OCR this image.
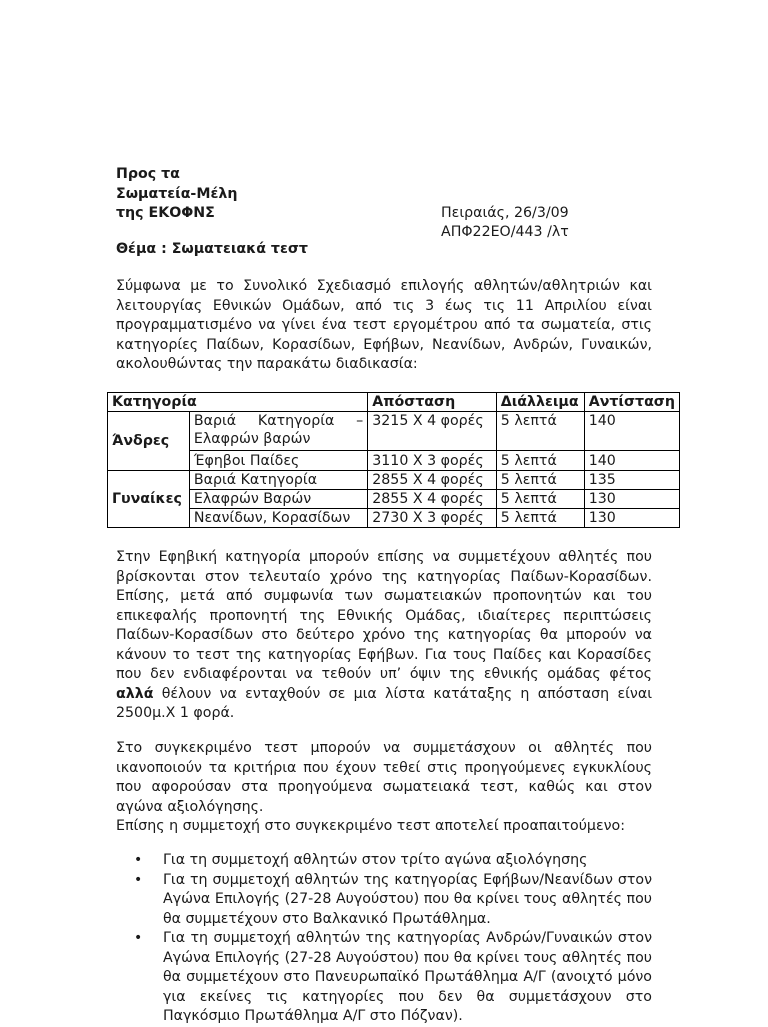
Προς τα
Σωματεία-Μέλη
της ΕΚΟΦΝΣ	Πειραιάς, 26/3/09
ΑΠΦ22ΕΟ/443 /λτ
Θέμα : Σωματειακά τεστ

Σύμφωνα με το Συνολικό Σχεδιασμό επιλογής αθλητών/αθλητριών και λειτουργίας Εθνικών Ομάδων, από τις 3 έως τις 11 Απριλίου είναι προγραμματισμένο να γίνει ένα τεστ εργομέτρου από τα σωματεία, στις κατηγορίες Παίδων, Κορασίδων, Εφήβων, Νεανίδων, Ανδρών, Γυναικών, ακολουθώντας την παρακάτω διαδικασία:

Κατηγορία		Απόσταση	Διάλλειμα	Αντίσταση
Άνδρες	Βαριά Κατηγορία – Ελαφρών βαρών	3215 Χ 4 φορές	5 λεπτά	140
	Έφηβοι Παίδες	3110 Χ 3 φορές	5 λεπτά	140
Γυναίκες	Βαριά Κατηγορία	2855 Χ 4 φορές	5 λεπτά	135
	Ελαφρών Βαρών	2855 Χ 4 φορές	5 λεπτά	130
	Νεανίδων, Κορασίδων	2730 Χ 3 φορές	5 λεπτά	130

Στην Εφηβική κατηγορία μπορούν επίσης να συμμετέχουν αθλητές που βρίσκονται στον τελευταίο χρόνο της κατηγορίας Παίδων-Κορασίδων. Επίσης, μετά από συμφωνία των σωματειακών προπονητών και του επικεφαλής προπονητή της Εθνικής Ομάδας, ιδιαίτερες περιπτώσεις Παίδων-Κορασίδων στο δεύτερο χρόνο της κατηγορίας θα μπορούν να κάνουν το τεστ της κατηγορίας Εφήβων. Για τους Παίδες και Κορασίδες που δεν ενδιαφέρονται να τεθούν υπ’ όψιν της εθνικής ομάδας φέτος αλλά θέλουν να ενταχθούν σε μια λίστα κατάταξης η απόσταση είναι 2500μ.Χ 1 φορά.

Στο συγκεκριμένο τεστ μπορούν να συμμετάσχουν οι αθλητές που ικανοποιούν τα κριτήρια που έχουν τεθεί στις προηγούμενες εγκυκλίους που αφορούσαν στα προηγούμενα σωματειακά τεστ, καθώς και στον αγώνα αξιολόγησης.

Επίσης η συμμετοχή στο συγκεκριμένο τεστ αποτελεί προαπαιτούμενο:

• Για τη συμμετοχή αθλητών στον τρίτο αγώνα αξιολόγησης
• Για τη συμμετοχή αθλητών της κατηγορίας Εφήβων/Νεανίδων στον Αγώνα Επιλογής (27-28 Αυγούστου) που θα κρίνει τους αθλητές που θα συμμετέχουν στο Βαλκανικό Πρωτάθλημα.
• Για τη συμμετοχή αθλητών της κατηγορίας Ανδρών/Γυναικών στον Αγώνα Επιλογής (27-28 Αυγούστου) που θα κρίνει τους αθλητές που θα συμμετέχουν στο Πανευρωπαϊκό Πρωτάθλημα Α/Γ (ανοιχτό μόνο για εκείνες τις κατηγορίες που δεν θα συμμετάσχουν στο Παγκόσμιο Πρωτάθλημα Α/Γ στο Πόζναν).
